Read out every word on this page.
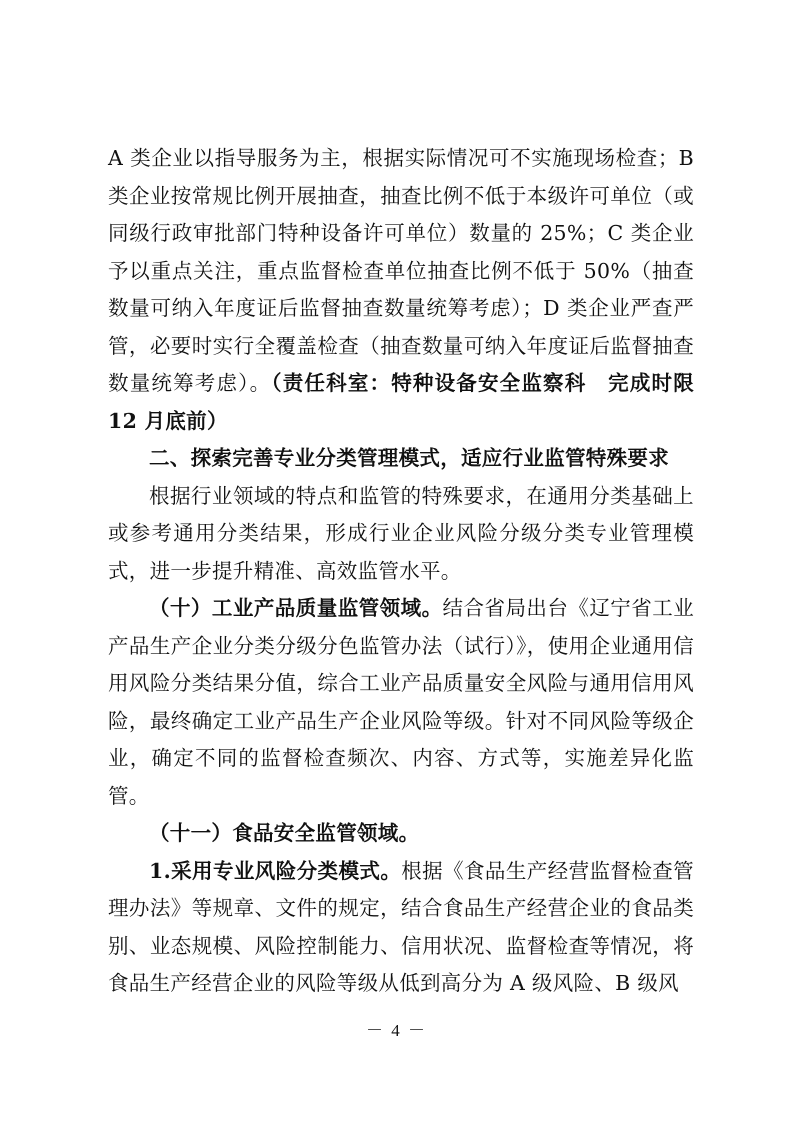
A 类企业以指导服务为主，根据实际情况可不实施现场检查；B 类企业按常规比例开展抽查，抽查比例不低于本级许可单位（或同级行政审批部门特种设备许可单位）数量的 25%；C 类企业予以重点关注，重点监督检查单位抽查比例不低于 50%（抽查数量可纳入年度证后监督抽查数量统筹考虑）；D 类企业严查严管，必要时实行全覆盖检查（抽查数量可纳入年度证后监督抽查数量统筹考虑）。（责任科室：特种设备安全监察科　完成时限 12 月底前）

二、探索完善专业分类管理模式，适应行业监管特殊要求

根据行业领域的特点和监管的特殊要求，在通用分类基础上或参考通用分类结果，形成行业企业风险分级分类专业管理模式，进一步提升精准、高效监管水平。

（十）工业产品质量监管领域。结合省局出台《辽宁省工业产品生产企业分类分级分色监管办法（试行）》，使用企业通用信用风险分类结果分值，综合工业产品质量安全风险与通用信用风险，最终确定工业产品生产企业风险等级。针对不同风险等级企业，确定不同的监督检查频次、内容、方式等，实施差异化监管。

（十一）食品安全监管领域。

1.采用专业风险分类模式。根据《食品生产经营监督检查管理办法》等规章、文件的规定，结合食品生产经营企业的食品类别、业态规模、风险控制能力、信用状况、监督检查等情况，将食品生产经营企业的风险等级从低到高分为 A 级风险、B 级风

－ 4 －
